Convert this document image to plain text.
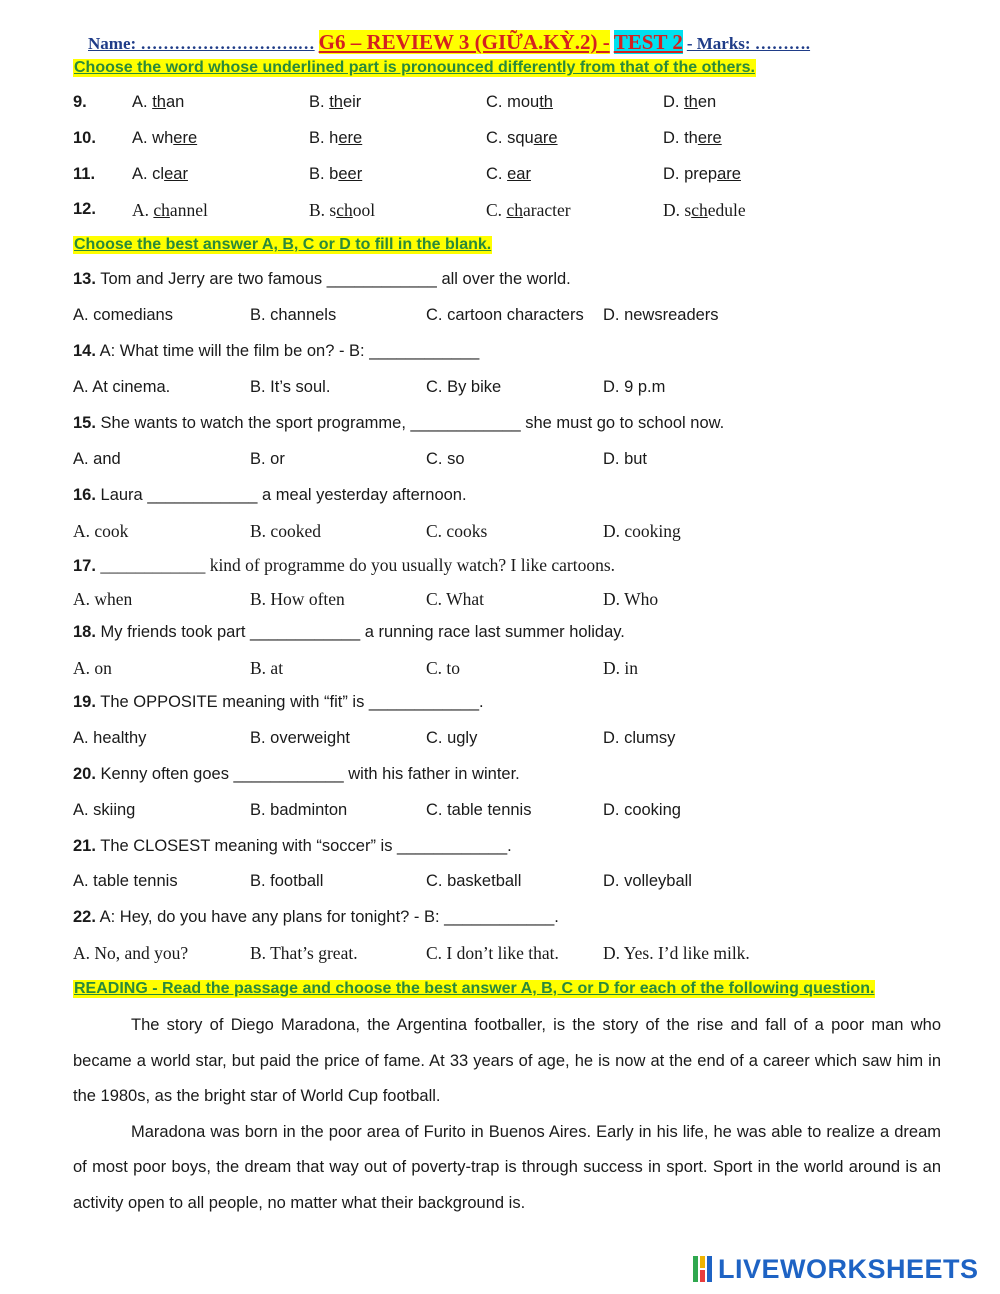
Name: ……………………….… G6 – REVIEW 3 (GIỮA.KỲ.2) - TEST 2 - Marks: ……….
Choose the word whose underlined part is pronounced differently from that of the others.
9.	A. than	B. their	C. mouth	D. then
10. A. where	B. here	C. square	D. there
11. A. clear	B. beer	C. ear	D. prepare
12. A. channel	B. school	C. character	D. schedule
Choose the best answer A, B, C or D to fill in the blank.
13. Tom and Jerry are two famous ____________ all over the world.
A. comedians	B. channels	C. cartoon characters D. newsreaders
14. A: What time will the film be on? - B: ____________
A. At cinema.	B. It’s soul.	C. By bike	D. 9 p.m
15. She wants to watch the sport programme, ____________ she must go to school now.
A. and	B. or	C. so	D. but
16. Laura ____________ a meal yesterday afternoon.
A. cook	B. cooked	C. cooks	D. cooking
17. ____________ kind of programme do you usually watch? I like cartoons.
A. when	B. How often	C. What	D. Who
18. My friends took part ____________ a running race last summer holiday.
A. on	B. at	C. to	D. in
19. The OPPOSITE meaning with “fit” is ____________.
A. healthy	B. overweight	C. ugly	D. clumsy
20. Kenny often goes ____________ with his father in winter.
A. skiing	B. badminton	C. table tennis	D. cooking
21. The CLOSEST meaning with “soccer” is ____________.
A. table tennis	B. football	C. basketball	D. volleyball
22. A: Hey, do you have any plans for tonight? - B: ____________.
A. No, and you?	B. That’s great.	C. I don’t like that.	D. Yes. I’d like milk.
READING - Read the passage and choose the best answer A, B, C or D for each of the following question.

The story of Diego Maradona, the Argentina footballer, is the story of the rise and fall of a poor man who became a world star, but paid the price of fame. At 33 years of age, he is now at the end of a career which saw him in the 1980s, as the bright star of World Cup football.

Maradona was born in the poor area of Furito in Buenos Aires. Early in his life, he was able to realize a dream of most poor boys, the dream that way out of poverty-trap is through success in sport. Sport in the world around is an activity open to all people, no matter what their background is.

LIVEWORKSHEETS
